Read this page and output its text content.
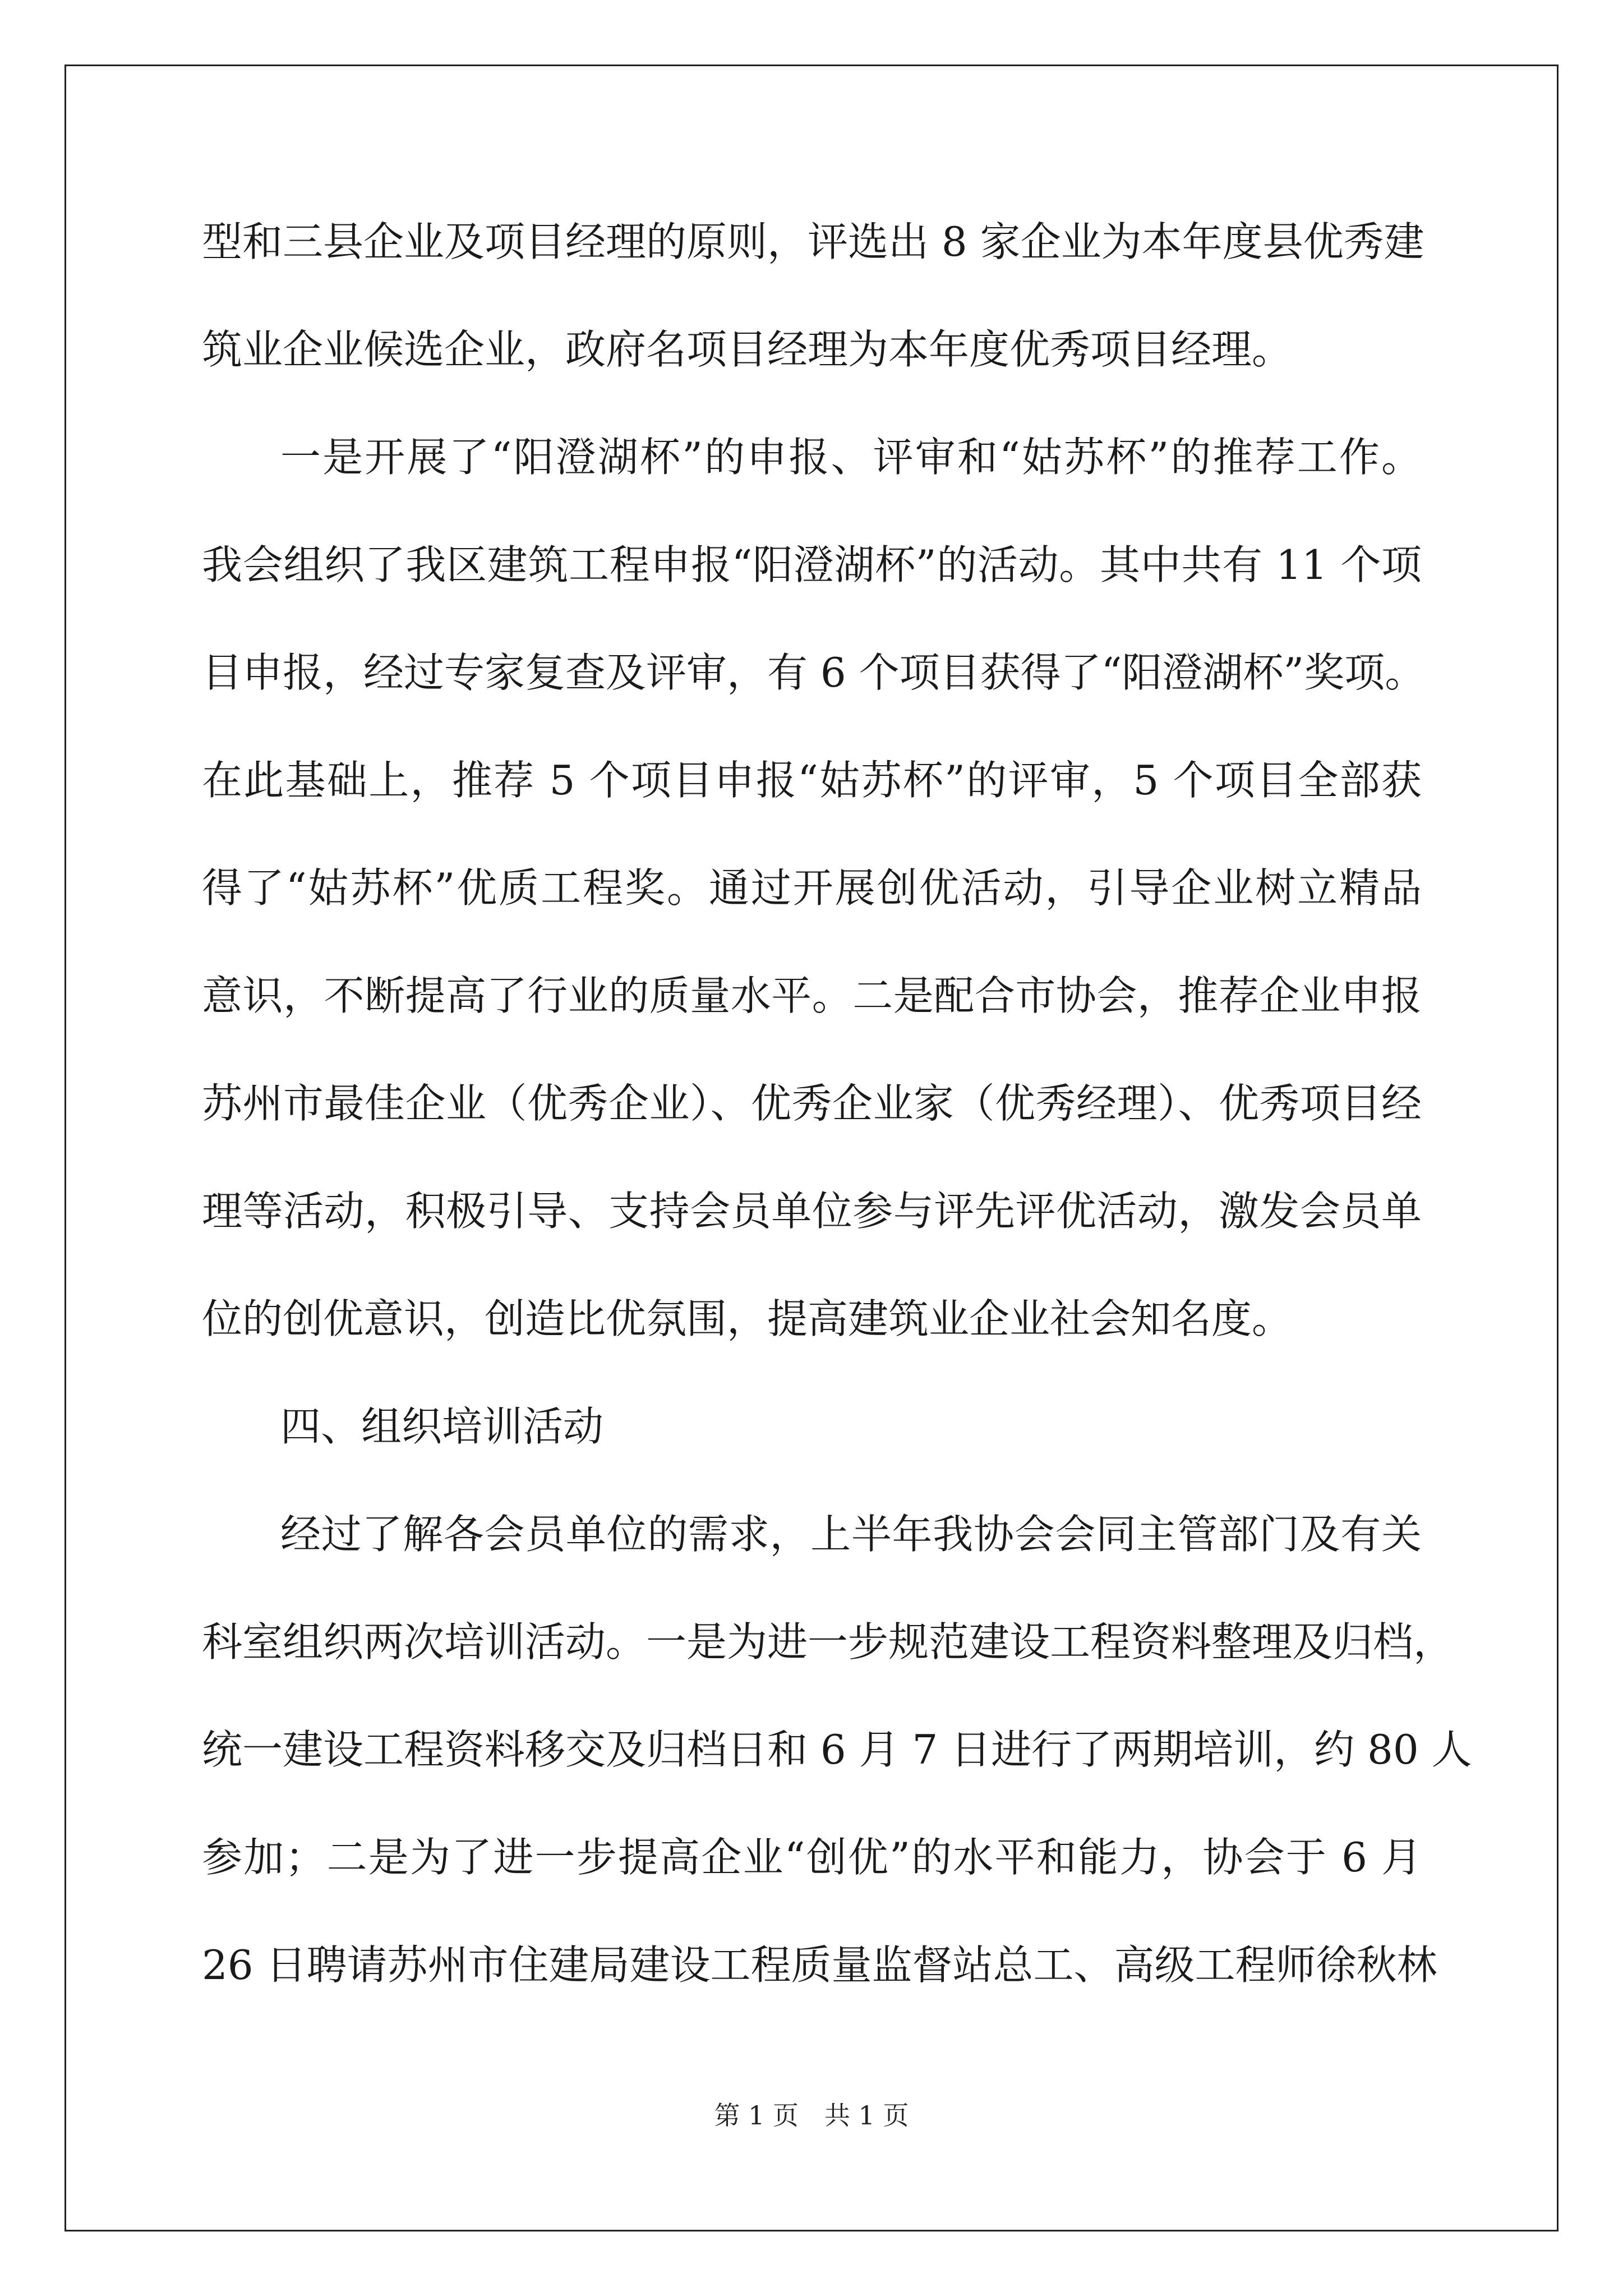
型和三县企业及项目经理的原则，评选出 8 家企业为本年度县优秀建
筑业企业候选企业，政府名项目经理为本年度优秀项目经理。
一是开展了“阳澄湖杯”的申报、评审和“姑苏杯”的推荐工作。
我会组织了我区建筑工程申报“阳澄湖杯”的活动。其中共有 11 个项
目申报，经过专家复查及评审，有 6 个项目获得了“阳澄湖杯”奖项。
在此基础上，推荐 5 个项目申报“姑苏杯”的评审，5 个项目全部获
得了“姑苏杯”优质工程奖。通过开展创优活动，引导企业树立精品
意识，不断提高了行业的质量水平。二是配合市协会，推荐企业申报
苏州市最佳企业（优秀企业）、优秀企业家（优秀经理）、优秀项目经
理等活动，积极引导、支持会员单位参与评先评优活动，激发会员单
位的创优意识，创造比优氛围，提高建筑业企业社会知名度。
四、组织培训活动
经过了解各会员单位的需求，上半年我协会会同主管部门及有关
科室组织两次培训活动。一是为进一步规范建设工程资料整理及归档，
统一建设工程资料移交及归档日和 6 月 7 日进行了两期培训，约 80 人
参加；二是为了进一步提高企业“创优”的水平和能力，协会于 6 月
26 日聘请苏州市住建局建设工程质量监督站总工、高级工程师徐秋林
第 1 页　共 1 页
